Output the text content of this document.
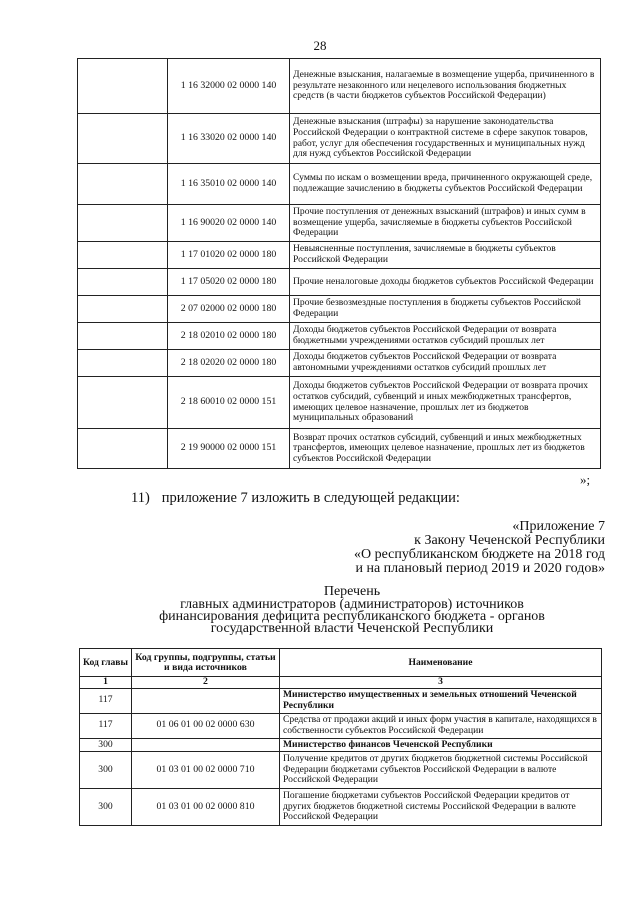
28
	1 16 32000 02 0000 140	Денежные взыскания, налагаемые в возмещение ущерба, причиненного в результате незаконного или нецелевого использования бюджетных средств (в части бюджетов субъектов Российской Федерации)
	1 16 33020 02 0000 140	Денежные взыскания (штрафы) за нарушение законодательства Российской Федерации о контрактной системе в сфере закупок товаров, работ, услуг для обеспечения государственных и муниципальных нужд для нужд субъектов Российской Федерации
	1 16 35010 02 0000 140	Суммы по искам о возмещении вреда, причиненного окружающей среде, подлежащие зачислению в бюджеты субъектов Российской Федерации
	1 16 90020 02 0000 140	Прочие поступления от денежных взысканий (штрафов) и иных сумм в возмещение ущерба, зачисляемые в бюджеты субъектов Российской Федерации
	1 17 01020 02 0000 180	Невыясненные поступления, зачисляемые в бюджеты субъектов Российской Федерации
	1 17 05020 02 0000 180	Прочие неналоговые доходы бюджетов субъектов Российской Федерации
	2 07 02000 02 0000 180	Прочие безвозмездные поступления в бюджеты субъектов Российской Федерации
	2 18 02010 02 0000 180	Доходы бюджетов субъектов Российской Федерации от возврата бюджетными учреждениями остатков субсидий прошлых лет
	2 18 02020 02 0000 180	Доходы бюджетов субъектов Российской Федерации от возврата автономными учреждениями остатков субсидий прошлых лет
	2 18 60010 02 0000 151	Доходы бюджетов субъектов Российской Федерации от возврата прочих остатков субсидий, субвенций и иных межбюджетных трансфертов, имеющих целевое назначение, прошлых лет из бюджетов муниципальных образований
	2 19 90000 02 0000 151	Возврат прочих остатков субсидий, субвенций и иных межбюджетных трансфертов, имеющих целевое назначение, прошлых лет из бюджетов субъектов Российской Федерации
»;
11) приложение 7 изложить в следующей редакции:
«Приложение 7
к Закону Чеченской Республики
«О республиканском бюджете на 2018 год
и на плановый период 2019 и 2020 годов»
Перечень
главных администраторов (администраторов) источников
финансирования дефицита республиканского бюджета - органов
государственной власти Чеченской Республики
Код главы	Код группы, подгруппы, статьи и вида источников	Наименование
1	2	3
117		Министерство имущественных и земельных отношений Чеченской Республики
117	01 06 01 00 02 0000 630	Средства от продажи акций и иных форм участия в капитале, находящихся в собственности субъектов Российской Федерации
300		Министерство финансов Чеченской Республики
300	01 03 01 00 02 0000 710	Получение кредитов от других бюджетов бюджетной системы Российской Федерации бюджетами субъектов Российской Федерации в валюте Российской Федерации
300	01 03 01 00 02 0000 810	Погашение бюджетами субъектов Российской Федерации кредитов от других бюджетов бюджетной системы Российской Федерации в валюте Российской Федерации
